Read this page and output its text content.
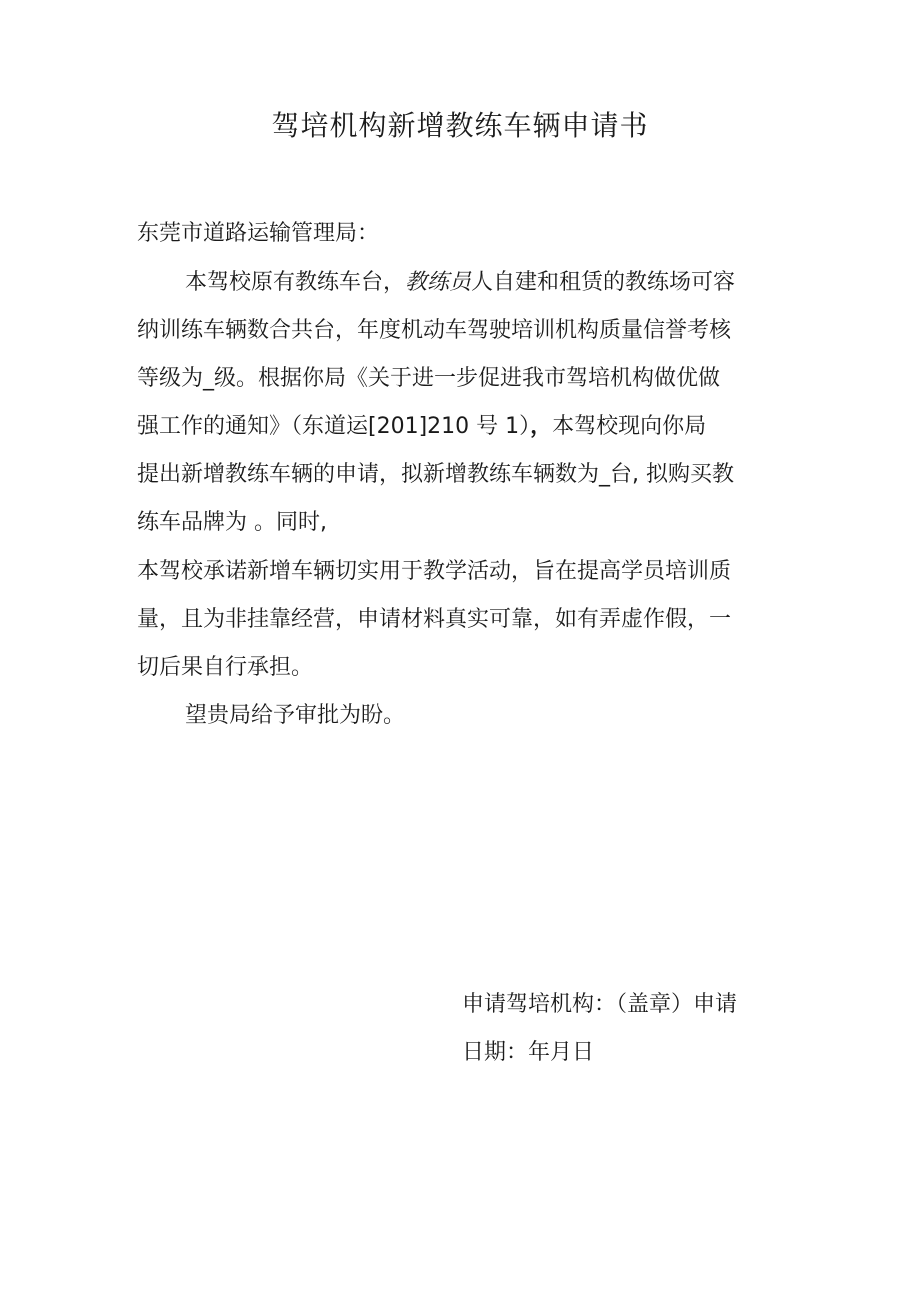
驾培机构新增教练车辆申请书
东莞市道路运输管理局：
本驾校原有教练车台，教练员人自建和租赁的教练场可容
纳训练车辆数合共台，年度机动车驾驶培训机构质量信誉考核
等级为_级。根据你局《关于进一步促进我市驾培机构做优做
强工作的通知》（东道运[201]210 号 1），本驾校现向你局
提出新增教练车辆的申请，拟新增教练车辆数为_台, 拟购买教
练车品牌为 。同时,
本驾校承诺新增车辆切实用于教学活动，旨在提高学员培训质
量，且为非挂靠经营，申请材料真实可靠，如有弄虚作假，一
切后果自行承担。
望贵局给予审批为盼。
申请驾培机构：（盖章）申请
日期：年月日
